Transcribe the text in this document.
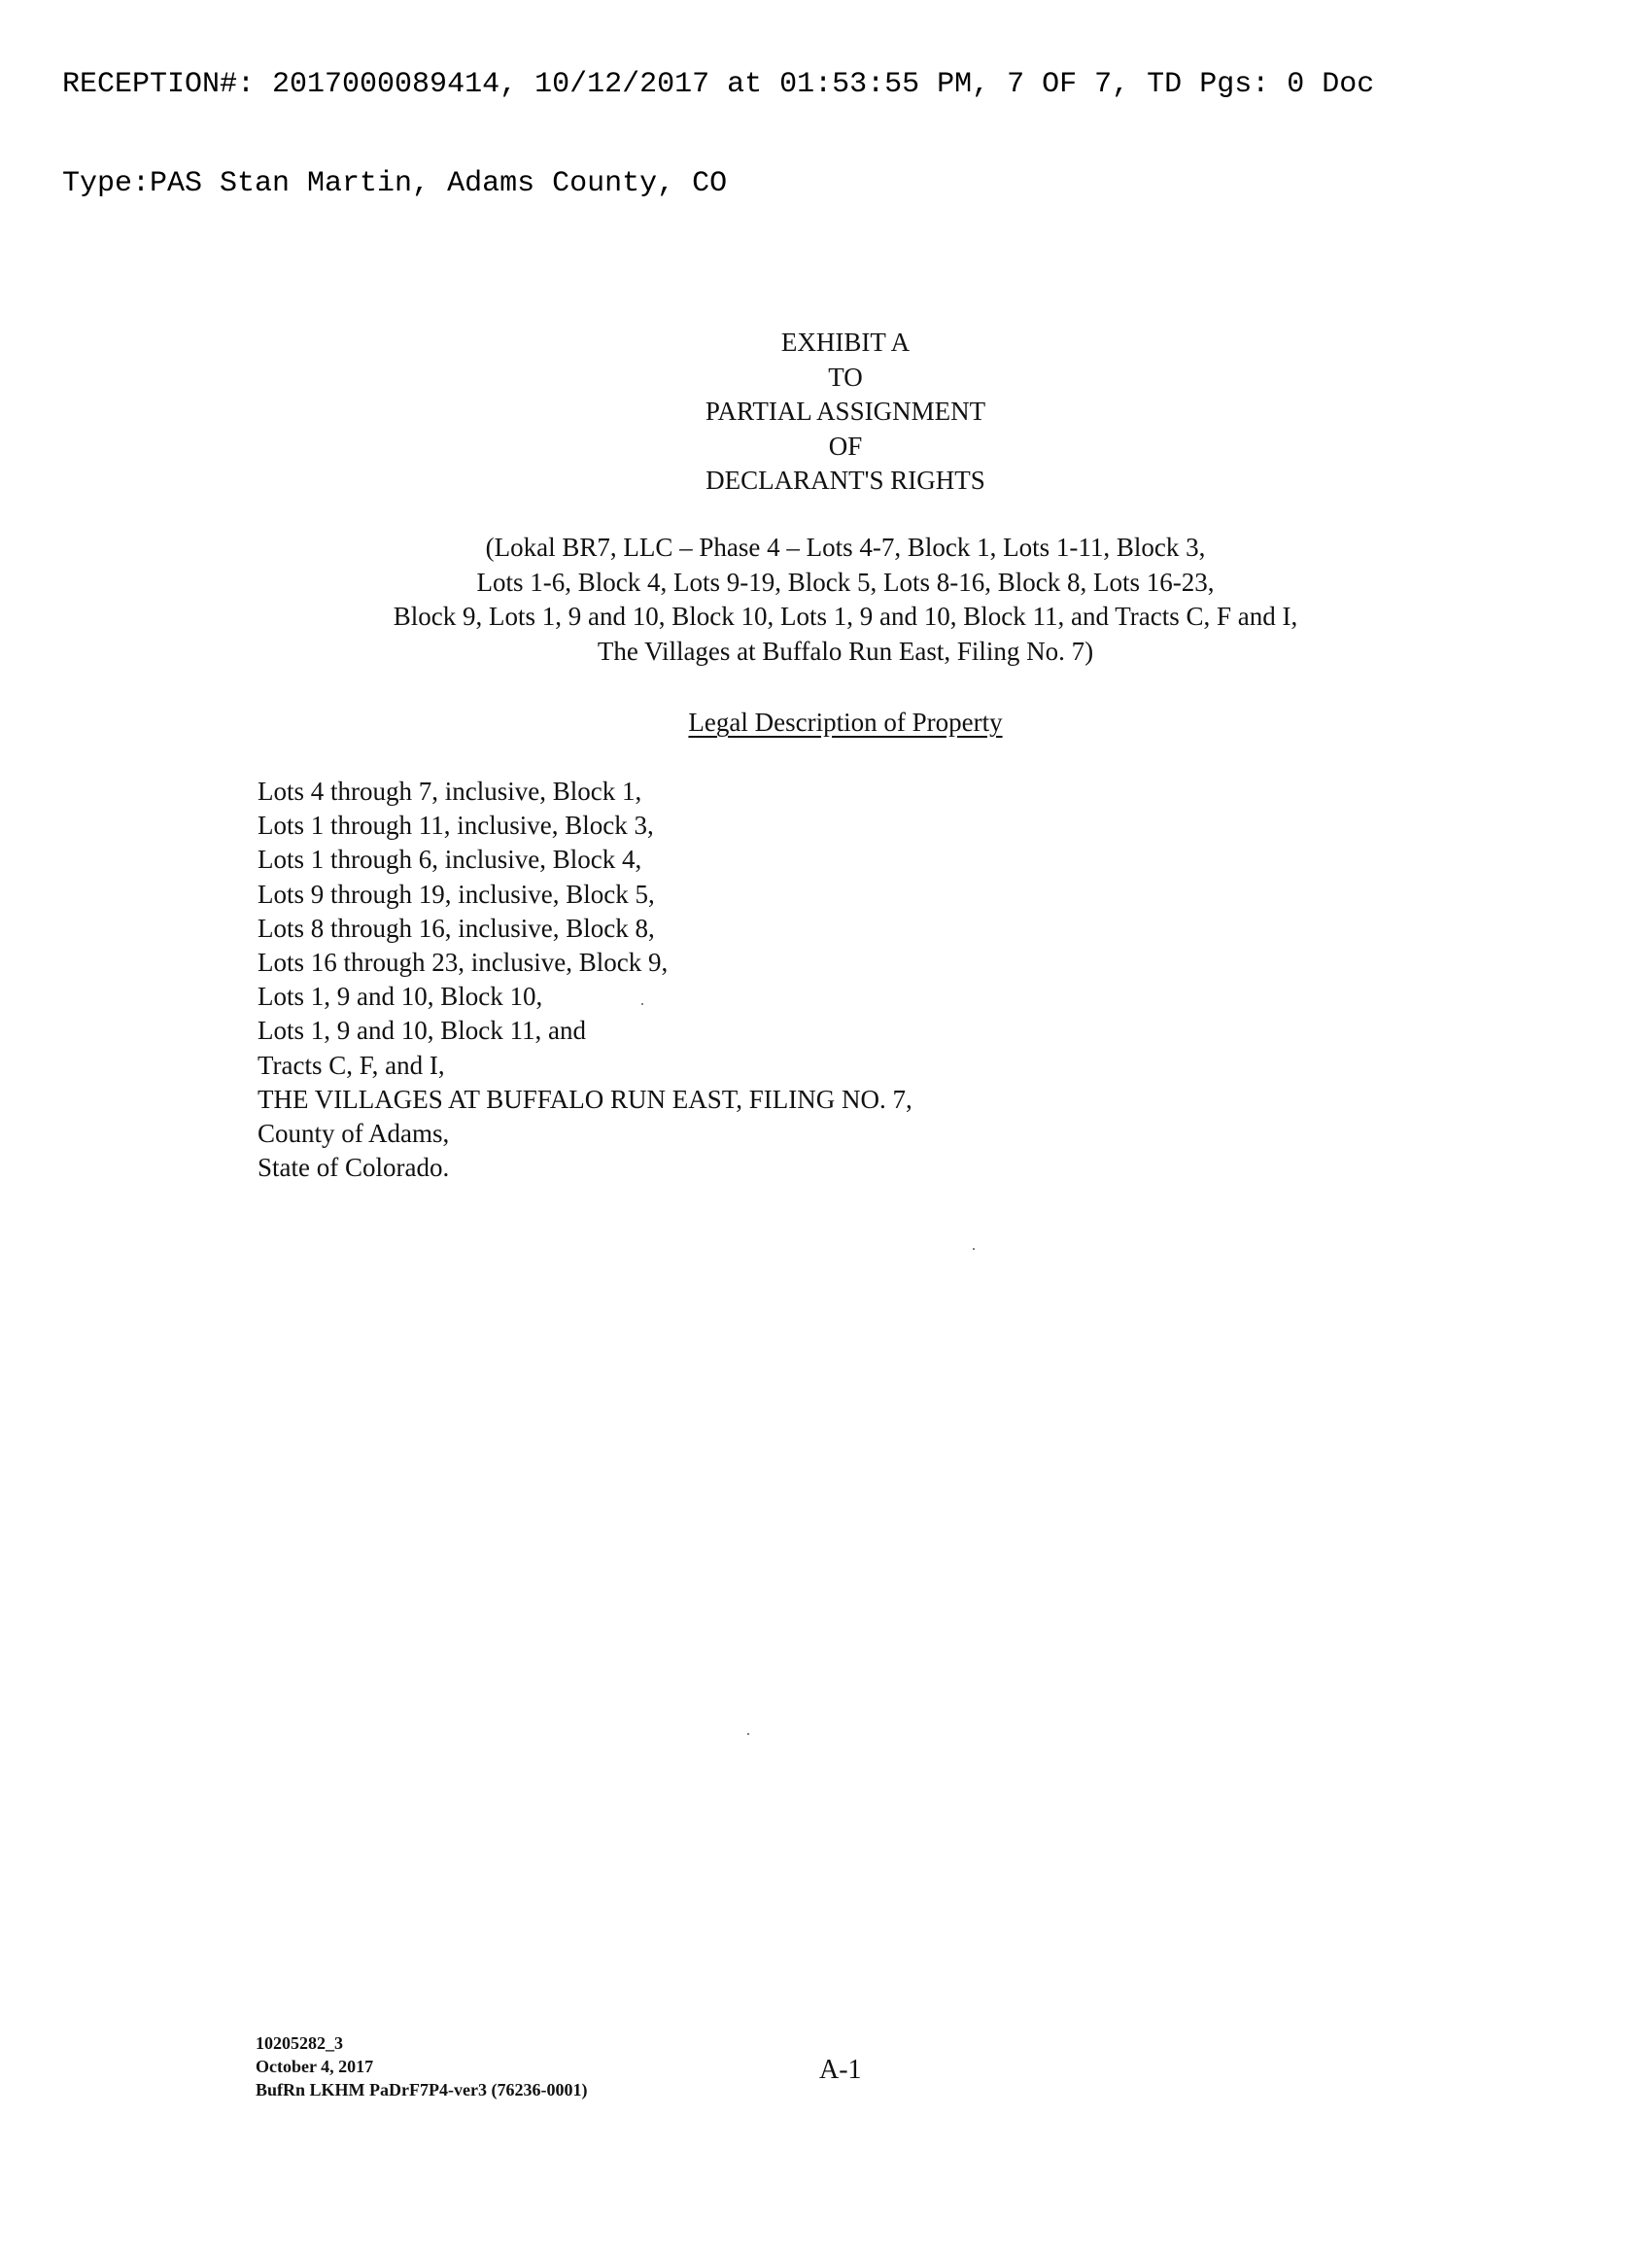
RECEPTION#: 2017000089414, 10/12/2017 at 01:53:55 PM, 7 OF 7, TD Pgs: 0 Doc

Type:PAS Stan Martin, Adams County, CO

EXHIBIT A
TO
PARTIAL ASSIGNMENT
OF
DECLARANT'S RIGHTS
(Lokal BR7, LLC – Phase 4 – Lots 4-7, Block 1, Lots 1-11, Block 3,
Lots 1-6, Block 4, Lots 9-19, Block 5, Lots 8-16, Block 8, Lots 16-23,
Block 9, Lots 1, 9 and 10, Block 10, Lots 1, 9 and 10, Block 11, and Tracts C, F and I,
The Villages at Buffalo Run East, Filing No. 7)
Legal Description of Property
Lots 4 through 7, inclusive, Block 1,
Lots 1 through 11, inclusive, Block 3,
Lots 1 through 6, inclusive, Block 4,
Lots 9 through 19, inclusive, Block 5,
Lots 8 through 16, inclusive, Block 8,
Lots 16 through 23, inclusive, Block 9,
Lots 1, 9 and 10, Block 10,
Lots 1, 9 and 10, Block 11, and
Tracts C, F, and I,
THE VILLAGES AT BUFFALO RUN EAST, FILING NO. 7,
County of Adams,
State of Colorado.
10205282_3
October 4, 2017
BufRn LKHM PaDrF7P4-ver3 (76236-0001)
A-1
